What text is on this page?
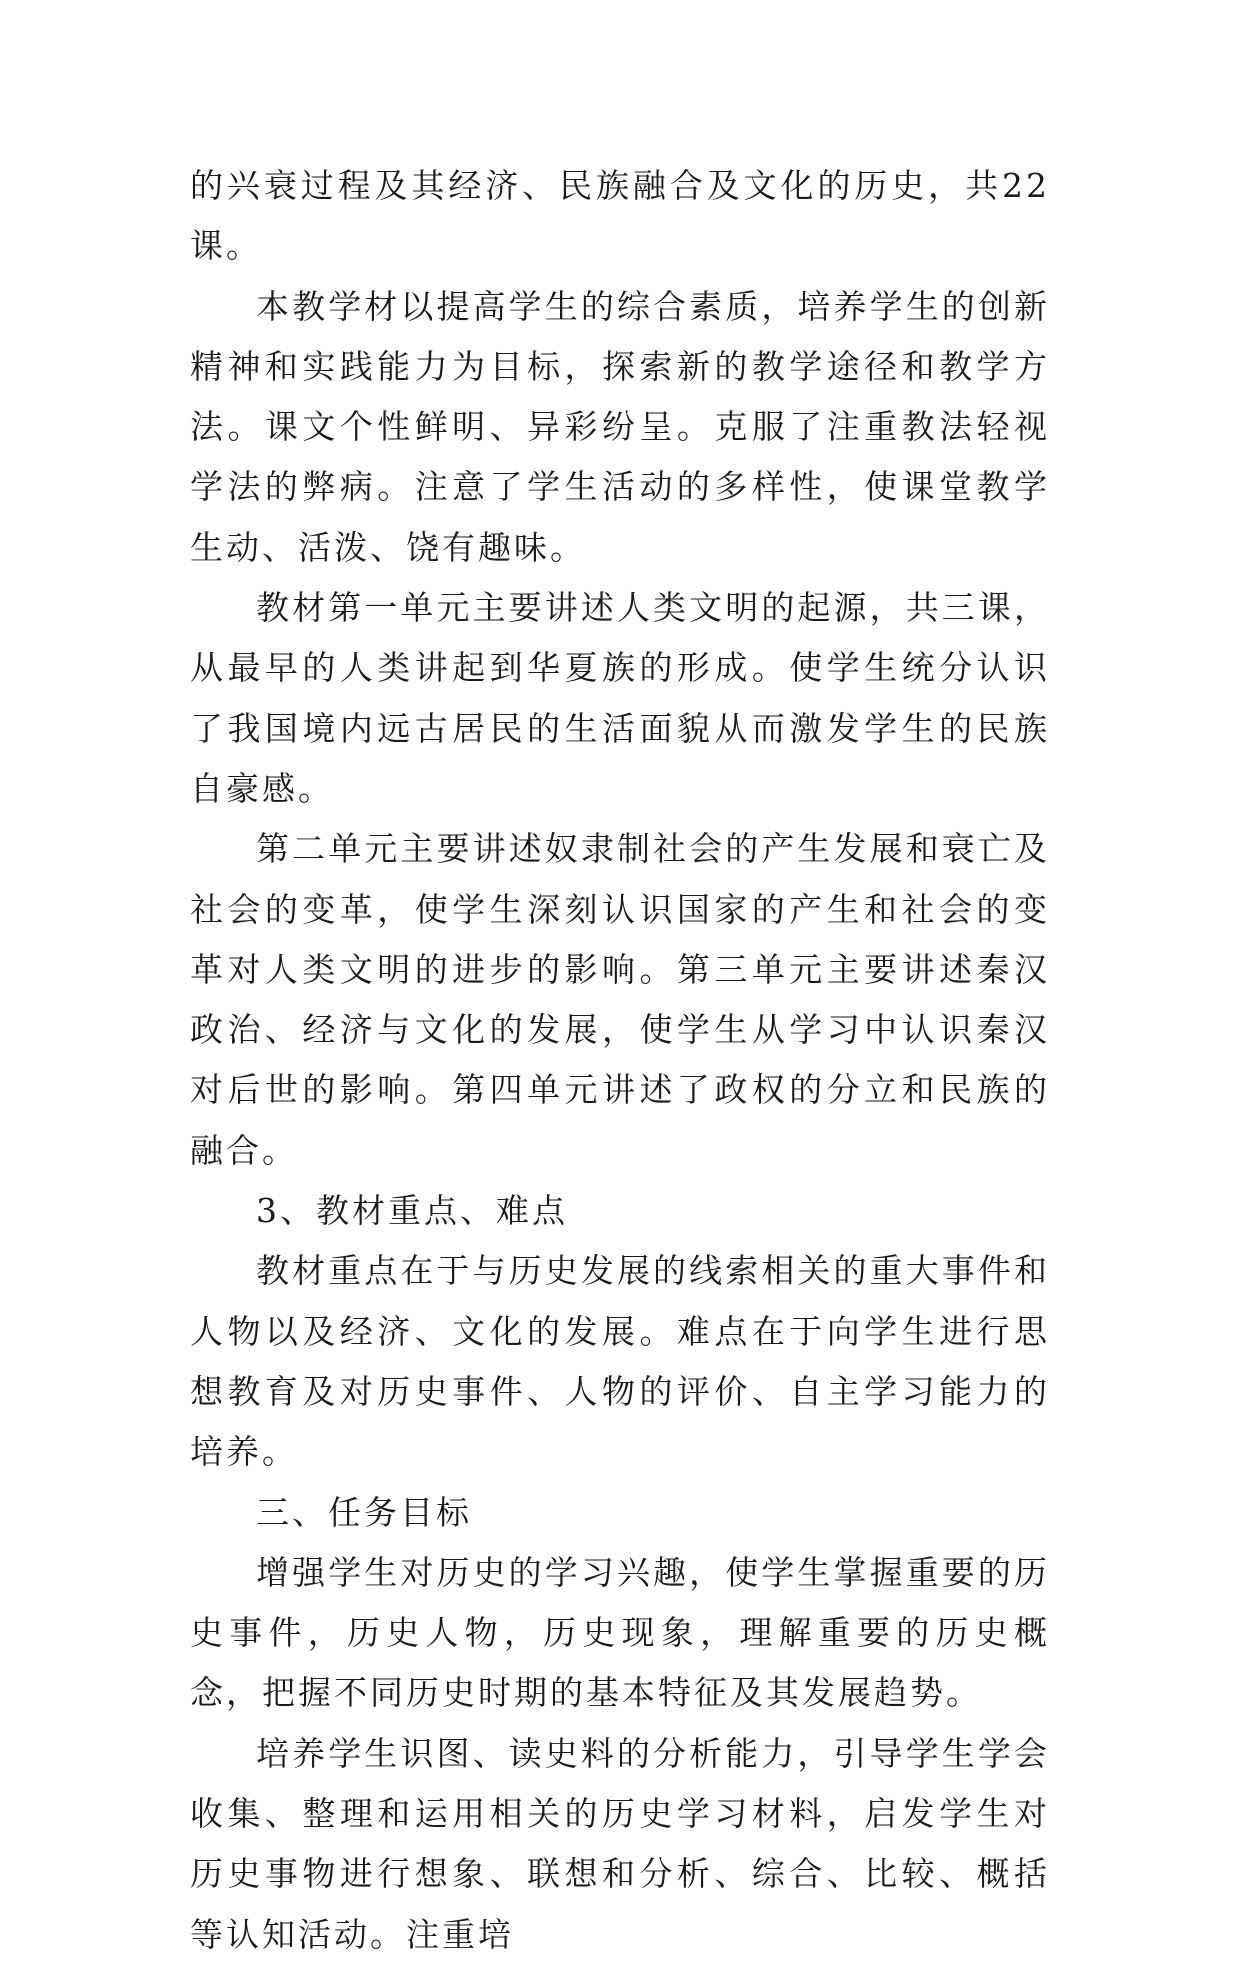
的兴衰过程及其经济、民族融合及文化的历史，共22课。

本教学材以提高学生的综合素质，培养学生的创新精神和实践能力为目标，探索新的教学途径和教学方法。课文个性鲜明、异彩纷呈。克服了注重教法轻视学法的弊病。注意了学生活动的多样性，使课堂教学生动、活泼、饶有趣味。

教材第一单元主要讲述人类文明的起源，共三课，从最早的人类讲起到华夏族的形成。使学生统分认识了我国境内远古居民的生活面貌从而激发学生的民族自豪感。

第二单元主要讲述奴隶制社会的产生发展和衰亡及社会的变革，使学生深刻认识国家的产生和社会的变革对人类文明的进步的影响。第三单元主要讲述秦汉政治、经济与文化的发展，使学生从学习中认识秦汉对后世的影响。第四单元讲述了政权的分立和民族的融合。

3、教材重点、难点

教材重点在于与历史发展的线索相关的重大事件和人物以及经济、文化的发展。难点在于向学生进行思想教育及对历史事件、人物的评价、自主学习能力的培养。

三、任务目标

增强学生对历史的学习兴趣，使学生掌握重要的历史事件，历史人物，历史现象，理解重要的历史概念，把握不同历史时期的基本特征及其发展趋势。

培养学生识图、读史料的分析能力，引导学生学会收集、整理和运用相关的历史学习材料，启发学生对历史事物进行想象、联想和分析、综合、比较、概括等认知活动。注重培
